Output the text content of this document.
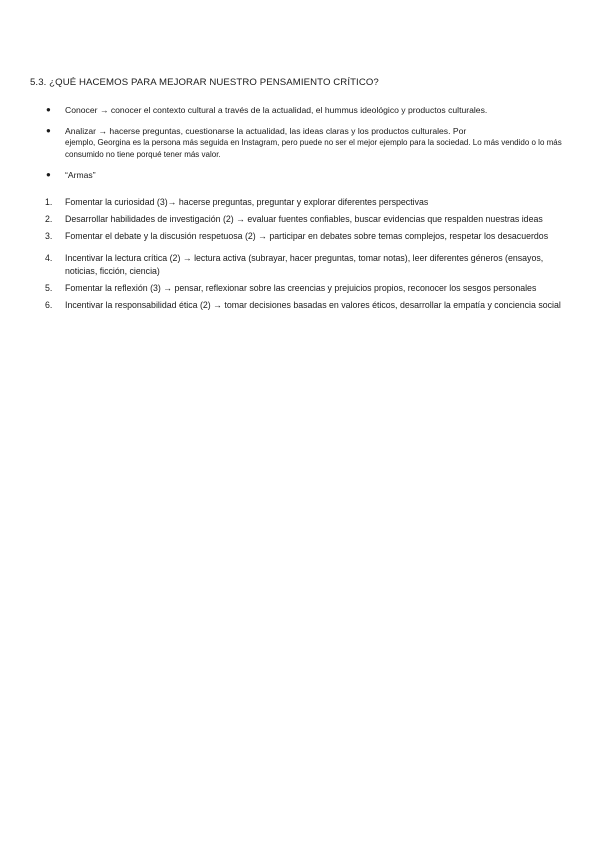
5.3. ¿QUÉ HACEMOS PARA MEJORAR NUESTRO PENSAMIENTO CRÍTICO?
● Conocer → conocer el contexto cultural a través de la actualidad, el hummus ideológico y productos culturales.
● Analizar → hacerse preguntas, cuestionarse la actualidad, las ideas claras y los productos culturales. Por
ejemplo, Georgina es la persona más seguida en Instagram, pero puede no ser el mejor ejemplo para la sociedad. Lo más vendido o lo más consumido no tiene porqué tener más valor.
● “Armas”
1. Fomentar la curiosidad (3)→ hacerse preguntas, preguntar y explorar diferentes perspectivas
2. Desarrollar habilidades de investigación (2) → evaluar fuentes confiables, buscar evidencias que respalden nuestras ideas
3. Fomentar el debate y la discusión respetuosa (2) → participar en debates sobre temas complejos, respetar los desacuerdos
4. Incentivar la lectura crítica (2) → lectura activa (subrayar, hacer preguntas, tomar notas), leer diferentes géneros (ensayos, noticias, ficción, ciencia)
5. Fomentar la reflexión (3) → pensar, reflexionar sobre las creencias y prejuicios propios, reconocer los sesgos personales
6. Incentivar la responsabilidad ética (2) → tomar decisiones basadas en valores éticos, desarrollar la empatía y conciencia social
